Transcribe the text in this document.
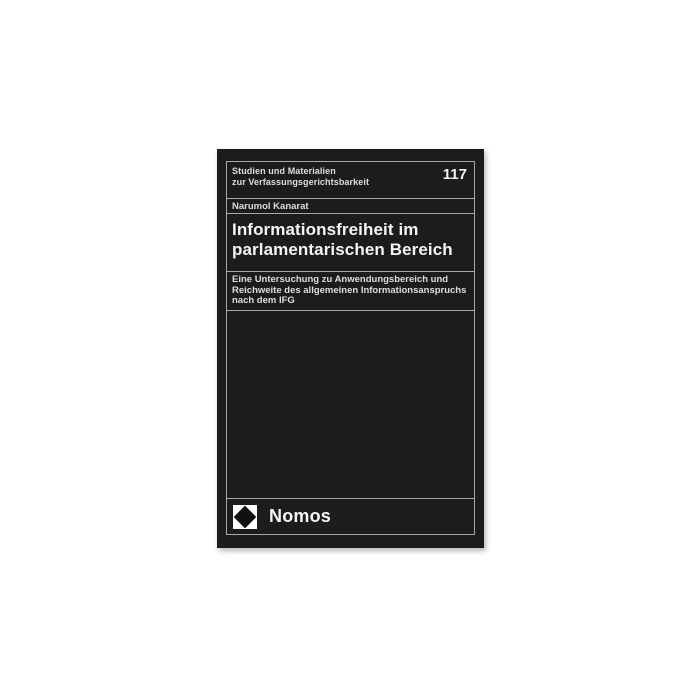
Studien und Materialien
zur Verfassungsgerichtsbarkeit	117
Narumol Kanarat
Informationsfreiheit im
parlamentarischen Bereich
Eine Untersuchung zu Anwendungsbereich und
Reichweite des allgemeinen Informationsanspruchs
nach dem IFG
Nomos
